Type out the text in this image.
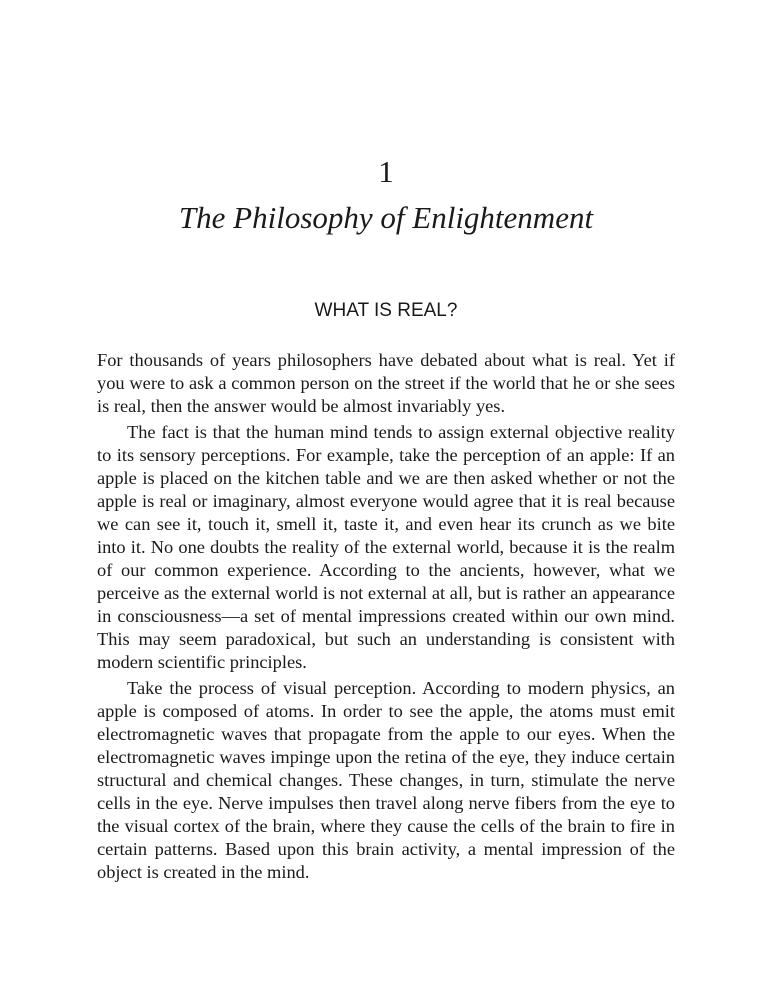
1
The Philosophy of Enlightenment
WHAT IS REAL?

For thousands of years philosophers have debated about what is real. Yet if you were to ask a common person on the street if the world that he or she sees is real, then the answer would be almost invariably yes.

The fact is that the human mind tends to assign external objective reality to its sensory perceptions. For example, take the perception of an apple: If an apple is placed on the kitchen table and we are then asked whether or not the apple is real or imaginary, almost everyone would agree that it is real because we can see it, touch it, smell it, taste it, and even hear its crunch as we bite into it. No one doubts the reality of the external world, because it is the realm of our common experience. According to the ancients, however, what we perceive as the external world is not external at all, but is rather an appearance in consciousness—a set of mental impressions created within our own mind. This may seem paradoxical, but such an understanding is consistent with modern scientific principles.

Take the process of visual perception. According to modern physics, an apple is composed of atoms. In order to see the apple, the atoms must emit electromagnetic waves that propagate from the apple to our eyes. When the electromagnetic waves impinge upon the retina of the eye, they induce certain structural and chemical changes. These changes, in turn, stimulate the nerve cells in the eye. Nerve impulses then travel along nerve fibers from the eye to the visual cortex of the brain, where they cause the cells of the brain to fire in certain patterns. Based upon this brain activity, a mental impression of the object is created in the mind.
